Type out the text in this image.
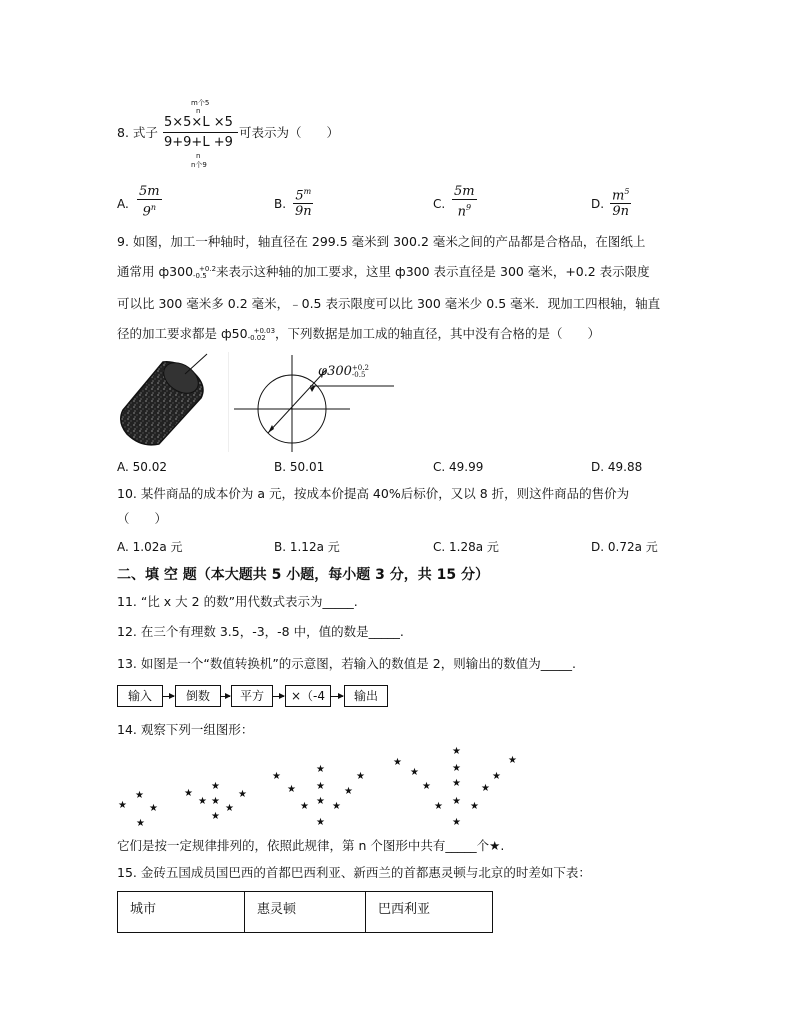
m个5
n
8. 式子
5×5×L ×5
9+9+L +9
n
n个9
可表示为（　　）
A. $\frac{5m}{9^n}$	B. $\frac{5^m}{9n}$	C. $\frac{5m}{n^9}$	D. $\frac{m^5}{9n}$
9. 如图，加工一种轴时，轴直径在 299.5 毫米到 300.2 毫米之间的产品都是合格品，在图纸上
通常用 ф300 +0.2
-0.5 来表示这种轴的加工要求，这里 ф300 表示直径是 300 毫米，+0.2 表示限度
可以比 300 毫米多 0.2 毫米，﹣0.5 表示限度可以比 300 毫米少 0.5 毫米．现加工四根轴，轴直
径的加工要求都是 ф50 +0.03
-0.02 ，下列数据是加工成的轴直径，其中没有合格的是（　　）
φ300 +0.2
-0.5
A. 50.02	B. 50.01	C. 49.99	D. 49.88
10. 某件商品的成本价为 a 元，按成本价提高 40%后标价，又以 8 折，则这件商品的售价为
（　　）
A. 1.02a 元	B. 1.12a 元	C. 1.28a 元	D. 0.72a 元
二、填 空 题（本大题共 5 小题，每小题 3 分，共 15 分）
11. “比 x 大 2 的数”用代数式表示为_____.
12. 在三个有理数 3.5，-3，-8 中，值的数是_____.
13. 如图是一个“数值转换机”的示意图，若输入的数值是 2，则输出的数值为_____.
输入	倒数	平方	×（-4	输出
14. 观察下列一组图形：
★
★
★
★
★
★
★
★
★
★
★
★
★
★
★
★
★
★
★
★
★
★
★
★
★
★
★
★
★
★
★
★
★
★
它们是按一定规律排列的，依照此规律，第 n 个图形中共有_____个★.
15. 金砖五国成员国巴西的首都巴西利亚、新西兰的首都惠灵顿与北京的时差如下表：
城市	惠灵顿	巴西利亚
